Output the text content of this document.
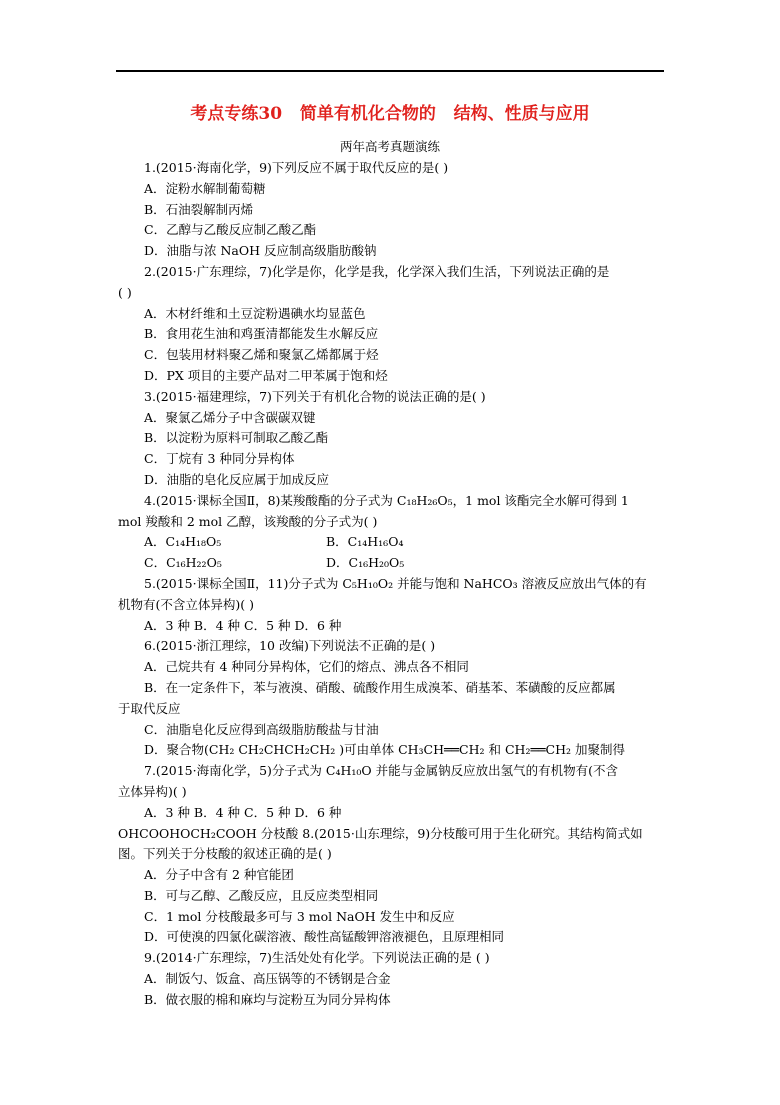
考点专练30   简单有机化合物的   结构、性质与应用
两年高考真题演练
1.(2015·海南化学，9)下列反应不属于取代反应的是( )
A．淀粉水解制葡萄糖
B．石油裂解制丙烯
C．乙醇与乙酸反应制乙酸乙酯
D．油脂与浓 NaOH 反应制高级脂肪酸钠
2.(2015·广东理综，7)化学是你，化学是我，化学深入我们生活，下列说法正确的是
( )
A．木材纤维和土豆淀粉遇碘水均显蓝色
B．食用花生油和鸡蛋清都能发生水解反应
C．包装用材料聚乙烯和聚氯乙烯都属于烃
D．PX 项目的主要产品对二甲苯属于饱和烃
3.(2015·福建理综，7)下列关于有机化合物的说法正确的是( )
A．聚氯乙烯分子中含碳碳双键
B．以淀粉为原料可制取乙酸乙酯
C．丁烷有 3 种同分异构体
D．油脂的皂化反应属于加成反应
4.(2015·课标全国Ⅱ，8)某羧酸酯的分子式为 C₁₈H₂₆O₅，1 mol 该酯完全水解可得到 1
mol 羧酸和 2 mol 乙醇，该羧酸的分子式为( )
A．C₁₄H₁₈O₅	B．C₁₄H₁₆O₄
C．C₁₆H₂₂O₅	D．C₁₆H₂₀O₅
5.(2015·课标全国Ⅱ，11)分子式为 C₅H₁₀O₂ 并能与饱和 NaHCO₃ 溶液反应放出气体的有
机物有(不含立体异构)( )
A．3 种 B．4 种 C．5 种 D．6 种
6.(2015·浙江理综，10 改编)下列说法不正确的是( )
A．己烷共有 4 种同分异构体，它们的熔点、沸点各不相同
B．在一定条件下，苯与液溴、硝酸、硫酸作用生成溴苯、硝基苯、苯磺酸的反应都属
于取代反应
C．油脂皂化反应得到高级脂肪酸盐与甘油
D．聚合物(CH₂ CH₂CHCH₂CH₂ )可由单体 CH₃CH══CH₂ 和 CH₂══CH₂ 加聚制得
7.(2015·海南化学，5)分子式为 C₄H₁₀O 并能与金属钠反应放出氢气的有机物有(不含
立体异构)( )
A．3 种 B．4 种 C．5 种 D．6 种
OHCOOHOCH₂COOH 分枝酸 8.(2015·山东理综，9)分枝酸可用于生化研究。其结构简式如
图。下列关于分枝酸的叙述正确的是( )
A．分子中含有 2 种官能团
B．可与乙醇、乙酸反应，且反应类型相同
C．1 mol 分枝酸最多可与 3 mol NaOH 发生中和反应
D．可使溴的四氯化碳溶液、酸性高锰酸钾溶液褪色，且原理相同
9.(2014·广东理综，7)生活处处有化学。下列说法正确的是 ( )
A．制饭勺、饭盒、高压锅等的不锈钢是合金
B．做衣服的棉和麻均与淀粉互为同分异构体
